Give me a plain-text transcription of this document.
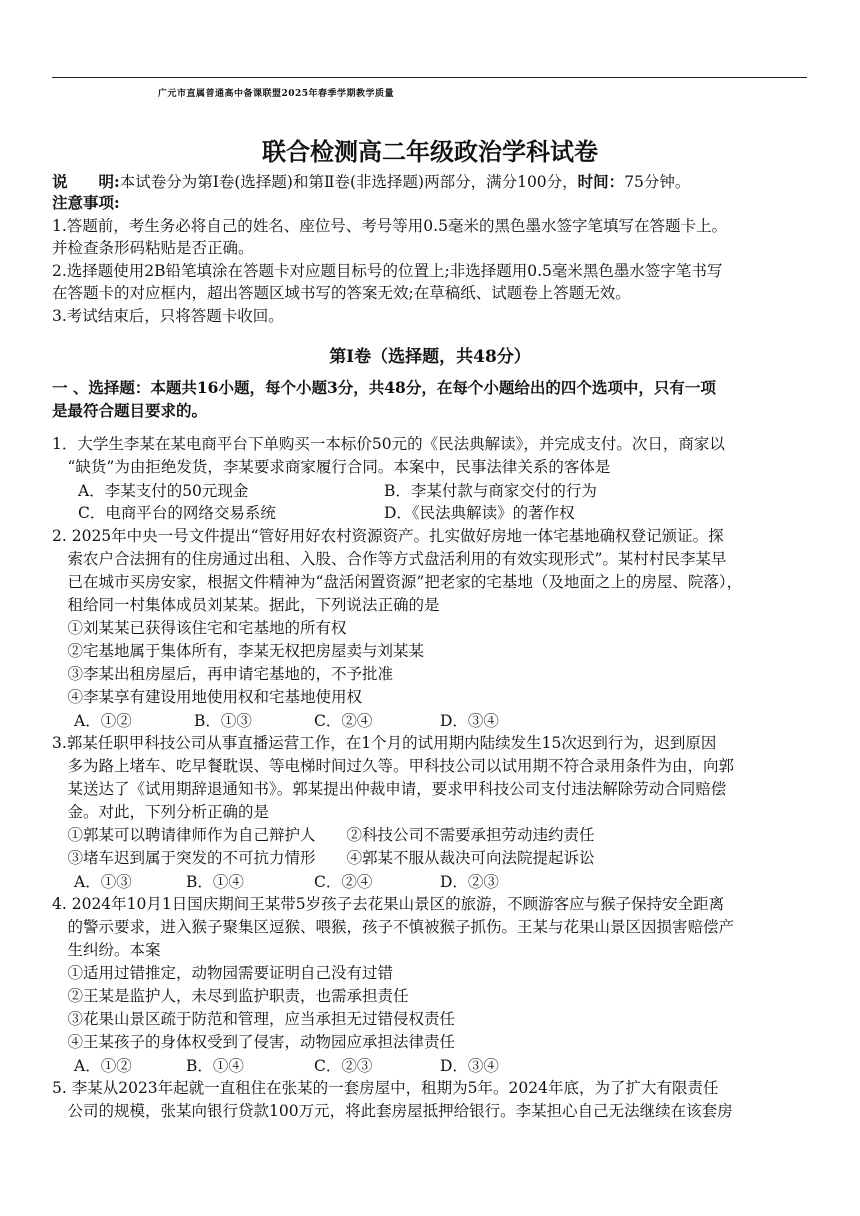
广元市直属普通高中备课联盟2025年春季学期教学质量
联合检测高二年级政治学科试卷
说　　明:本试卷分为第Ⅰ卷(选择题)和第Ⅱ卷(非选择题)两部分，满分100分，时间：75分钟。
注意事项:
1.答题前，考生务必将自己的姓名、座位号、考号等用0.5毫米的黑色墨水签字笔填写在答题卡上。
并检查条形码粘贴是否正确。
2.选择题使用2B铅笔填涂在答题卡对应题目标号的位置上;非选择题用0.5毫米黑色墨水签字笔书写
在答题卡的对应框内，超出答题区域书写的答案无效;在草稿纸、试题卷上答题无效。
3.考试结束后，只将答题卡收回。
第Ⅰ卷（选择题，共48分）
一 、选择题：本题共16小题，每个小题3分，共48分，在每个小题给出的四个选项中，只有一项
是最符合题目要求的。
1．大学生李某在某电商平台下单购买一本标价50元的《民法典解读》，并完成支付。次日，商家以
　“缺货”为由拒绝发货，李某要求商家履行合同。本案中，民事法律关系的客体是
A．李某支付的50元现金	B．李某付款与商家交付的行为
C．电商平台的网络交易系统	D．《民法典解读》的著作权
2. 2025年中央一号文件提出“管好用好农村资源资产。扎实做好房地一体宅基地确权登记颁证。探
　索农户合法拥有的住房通过出租、入股、合作等方式盘活利用的有效实现形式”。某村村民李某早
　已在城市买房安家，根据文件精神为“盘活闲置资源”把老家的宅基地（及地面之上的房屋、院落），
　租给同一村集体成员刘某某。据此，下列说法正确的是
　①刘某某已获得该住宅和宅基地的所有权
　②宅基地属于集体所有，李某无权把房屋卖与刘某某
　③李某出租房屋后，再申请宅基地的，不予批准
　④李某享有建设用地使用权和宅基地使用权
A．①②	B．①③	C．②④	D．③④
3.郭某任职甲科技公司从事直播运营工作，在1个月的试用期内陆续发生15次迟到行为，迟到原因
　多为路上堵车、吃早餐耽误、等电梯时间过久等。甲科技公司以试用期不符合录用条件为由，向郭
　某送达了《试用期辞退通知书》。郭某提出仲裁申请，要求甲科技公司支付违法解除劳动合同赔偿
　金。对此，下列分析正确的是
　①郭某可以聘请律师作为自己辩护人　　②科技公司不需要承担劳动违约责任
　③堵车迟到属于突发的不可抗力情形　　④郭某不服从裁决可向法院提起诉讼
A．①③	B．①④	C．②④	D．②③
4. 2024年10月1日国庆期间王某带5岁孩子去花果山景区的旅游，不顾游客应与猴子保持安全距离
　的警示要求，进入猴子聚集区逗猴、喂猴，孩子不慎被猴子抓伤。王某与花果山景区因损害赔偿产
　生纠纷。本案
　①适用过错推定，动物园需要证明自己没有过错
　②王某是监护人，未尽到监护职责，也需承担责任
　③花果山景区疏于防范和管理，应当承担无过错侵权责任
　④王某孩子的身体权受到了侵害，动物园应承担法律责任
A．①②	B．①④	C．②③	D．③④
5. 李某从2023年起就一直租住在张某的一套房屋中，租期为5年。2024年底，为了扩大有限责任
　公司的规模，张某向银行贷款100万元，将此套房屋抵押给银行。李某担心自己无法继续在该套房
